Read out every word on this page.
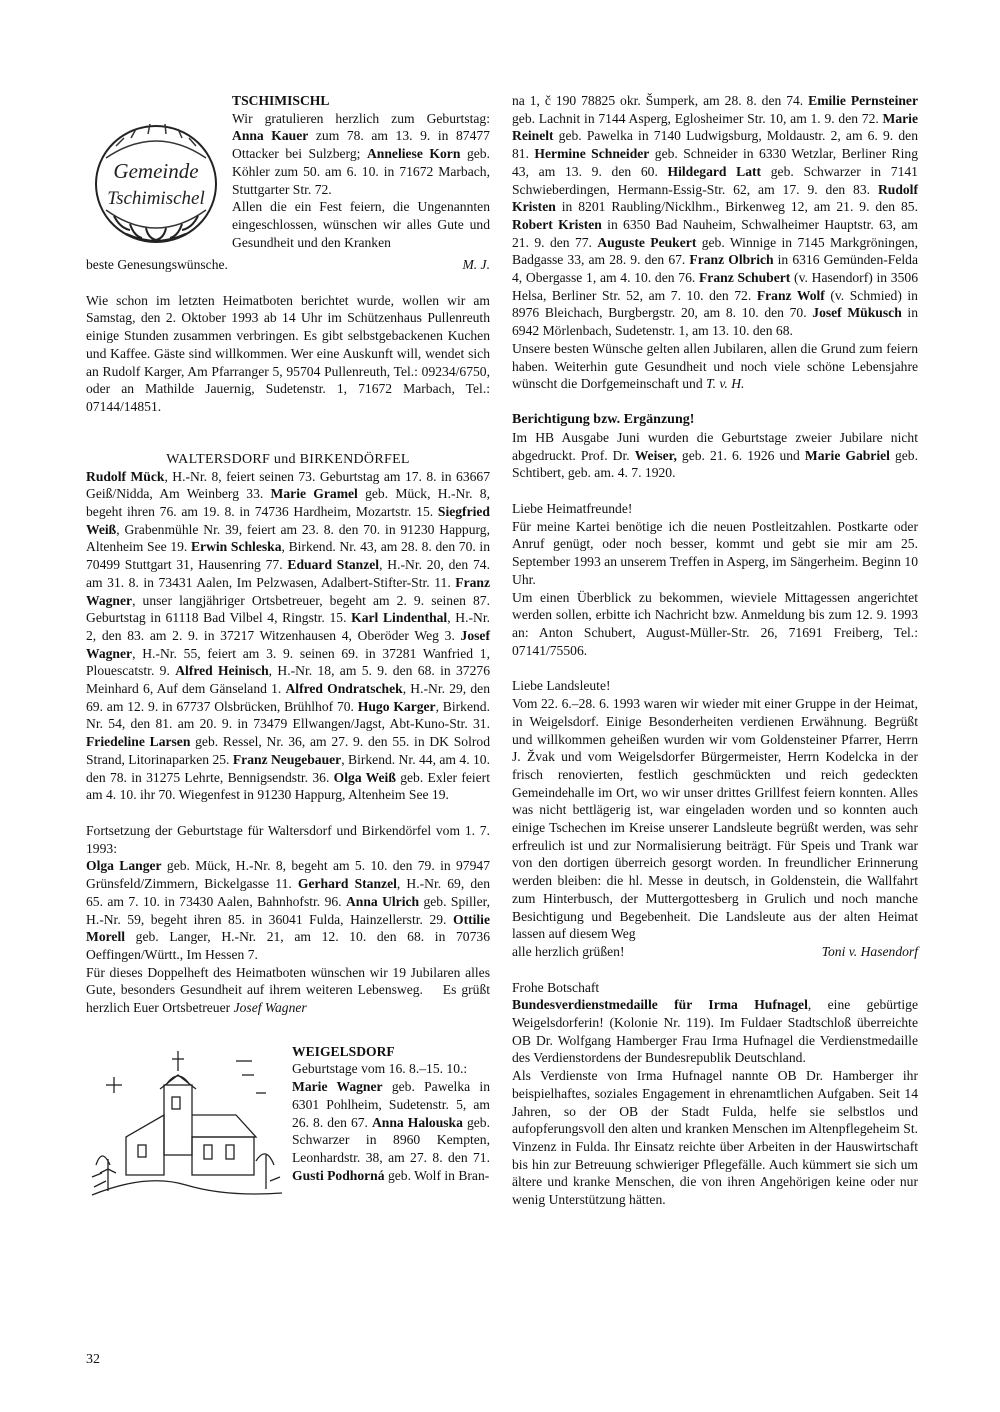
Gemeinde
Tschimischel

TSCHIMISCHL

Wir gratulieren herzlich zum Geburtstag: Anna Kauer zum 78. am 13. 9. in 87477 Ottacker bei Sulzberg; Anneliese Korn geb. Köhler zum 50. am 6. 10. in 71672 Marbach, Stuttgarter Str. 72.

Allen die ein Fest feiern, die Ungenannten eingeschlossen, wünschen wir alles Gute und Gesundheit und den Kranken

beste Genesungswünsche.	M. J.

Wie schon im letzten Heimatboten berichtet wurde, wollen wir am Samstag, den 2. Oktober 1993 ab 14 Uhr im Schützenhaus Pullenreuth einige Stunden zusammen verbringen. Es gibt selbstgebackenen Kuchen und Kaffee. Gäste sind willkommen. Wer eine Auskunft will, wendet sich an Rudolf Karger, Am Pfarranger 5, 95704 Pullenreuth, Tel.: 09234/6750, oder an Mathilde Jauernig, Sudetenstr. 1, 71672 Marbach, Tel.: 07144/14851.

WALTERSDORF und BIRKENDÖRFEL

Rudolf Mück, H.-Nr. 8, feiert seinen 73. Geburtstag am 17. 8. in 63667 Geiß/Nidda, Am Weinberg 33. Marie Gramel geb. Mück, H.-Nr. 8, begeht ihren 76. am 19. 8. in 74736 Hardheim, Mozartstr. 15. Siegfried Weiß, Grabenmühle Nr. 39, feiert am 23. 8. den 70. in 91230 Happurg, Altenheim See 19. Erwin Schleska, Birkend. Nr. 43, am 28. 8. den 70. in 70499 Stuttgart 31, Hausenring 77. Eduard Stanzel, H.-Nr. 20, den 74. am 31. 8. in 73431 Aalen, Im Pelzwasen, Adalbert-Stifter-Str. 11. Franz Wagner, unser langjähriger Ortsbetreuer, begeht am 2. 9. seinen 87. Geburtstag in 61118 Bad Vilbel 4, Ringstr. 15. Karl Lindenthal, H.-Nr. 2, den 83. am 2. 9. in 37217 Witzenhausen 4, Oberöder Weg 3. Josef Wagner, H.-Nr. 55, feiert am 3. 9. seinen 69. in 37281 Wanfried 1, Plouescatstr. 9. Alfred Heinisch, H.-Nr. 18, am 5. 9. den 68. in 37276 Meinhard 6, Auf dem Gänseland 1. Alfred Ondratschek, H.-Nr. 29, den 69. am 12. 9. in 67737 Olsbrücken, Brühlhof 70. Hugo Karger, Birkend. Nr. 54, den 81. am 20. 9. in 73479 Ellwangen/Jagst, Abt-Kuno-Str. 31. Friedeline Larsen geb. Ressel, Nr. 36, am 27. 9. den 55. in DK Solrod Strand, Litorinaparken 25. Franz Neugebauer, Birkend. Nr. 44, am 4. 10. den 78. in 31275 Lehrte, Bennigsendstr. 36. Olga Weiß geb. Exler feiert am 4. 10. ihr 70. Wiegenfest in 91230 Happurg, Altenheim See 19.

Fortsetzung der Geburtstage für Waltersdorf und Birkendörfel vom 1. 7. 1993:

Olga Langer geb. Mück, H.-Nr. 8, begeht am 5. 10. den 79. in 97947 Grünsfeld/Zimmern, Bickelgasse 11. Gerhard Stanzel, H.-Nr. 69, den 65. am 7. 10. in 73430 Aalen, Bahnhofstr. 96. Anna Ulrich geb. Spiller, H.-Nr. 59, begeht ihren 85. in 36041 Fulda, Hainzellerstr. 29. Ottilie Morell geb. Langer, H.-Nr. 21, am 12. 10. den 68. in 70736 Oeffingen/Württ., Im Hessen 7.

Für dieses Doppelheft des Heimatboten wünschen wir 19 Jubilaren alles Gute, besonders Gesundheit auf ihrem weiteren Lebensweg. Es grüßt herzlich Euer Ortsbetreuer Josef Wagner

WEIGELSDORF

Geburtstage vom 16. 8.–15. 10.:

Marie Wagner geb. Pawelka in 6301 Pohlheim, Sudetenstr. 5, am 26. 8. den 67. Anna Halouska geb. Schwarzer in 8960 Kempten, Leonhardstr. 38, am 27. 8. den 71. Gusti Podhorná geb. Wolf in Bran-

na 1, č 190 78825 okr. Šumperk, am 28. 8. den 74. Emilie Pernsteiner geb. Lachnit in 7144 Asperg, Eglosheimer Str. 10, am 1. 9. den 72. Marie Reinelt geb. Pawelka in 7140 Ludwigsburg, Moldaustr. 2, am 6. 9. den 81. Hermine Schneider geb. Schneider in 6330 Wetzlar, Berliner Ring 43, am 13. 9. den 60. Hildegard Latt geb. Schwarzer in 7141 Schwieberdingen, Hermann-Essig-Str. 62, am 17. 9. den 83. Rudolf Kristen in 8201 Raubling/Nicklhm., Birkenweg 12, am 21. 9. den 85. Robert Kristen in 6350 Bad Nauheim, Schwalheimer Hauptstr. 63, am 21. 9. den 77. Auguste Peukert geb. Winnige in 7145 Markgröningen, Badgasse 33, am 28. 9. den 67. Franz Olbrich in 6316 Gemünden-Felda 4, Obergasse 1, am 4. 10. den 76. Franz Schubert (v. Hasendorf) in 3506 Helsa, Berliner Str. 52, am 7. 10. den 72. Franz Wolf (v. Schmied) in 8976 Bleichach, Burgbergstr. 20, am 8. 10. den 70. Josef Mükusch in 6942 Mörlenbach, Sudetenstr. 1, am 13. 10. den 68.

Unsere besten Wünsche gelten allen Jubilaren, allen die Grund zum feiern haben. Weiterhin gute Gesundheit und noch viele schöne Lebensjahre wünscht die Dorfgemeinschaft und T. v. H.

Berichtigung bzw. Ergänzung!

Im HB Ausgabe Juni wurden die Geburtstage zweier Jubilare nicht abgedruckt. Prof. Dr. Weiser, geb. 21. 6. 1926 und Marie Gabriel geb. Schtibert, geb. am. 4. 7. 1920.

Liebe Heimatfreunde!

Für meine Kartei benötige ich die neuen Postleitzahlen. Postkarte oder Anruf genügt, oder noch besser, kommt und gebt sie mir am 25. September 1993 an unserem Treffen in Asperg, im Sängerheim. Beginn 10 Uhr.

Um einen Überblick zu bekommen, wieviele Mittagessen angerichtet werden sollen, erbitte ich Nachricht bzw. Anmeldung bis zum 12. 9. 1993 an: Anton Schubert, August-Müller-Str. 26, 71691 Freiberg, Tel.: 07141/75506.

Liebe Landsleute!

Vom 22. 6.–28. 6. 1993 waren wir wieder mit einer Gruppe in der Heimat, in Weigelsdorf. Einige Besonderheiten verdienen Erwähnung. Begrüßt und willkommen geheißen wurden wir vom Goldensteiner Pfarrer, Herrn J. Žvak und vom Weigelsdorfer Bürgermeister, Herrn Kodelcka in der frisch renovierten, festlich geschmückten und reich gedeckten Gemeindehalle im Ort, wo wir unser drittes Grillfest feiern konnten. Alles was nicht bettlägerig ist, war eingeladen worden und so konnten auch einige Tschechen im Kreise unserer Landsleute begrüßt werden, was sehr erfreulich ist und zur Normalisierung beiträgt. Für Speis und Trank war von den dortigen überreich gesorgt worden. In freundlicher Erinnerung werden bleiben: die hl. Messe in deutsch, in Goldenstein, die Wallfahrt zum Hinterbusch, der Muttergottesberg in Grulich und noch manche Besichtigung und Begebenheit. Die Landsleute aus der alten Heimat lassen auf diesem Weg

alle herzlich grüßen!	Toni v. Hasendorf

Frohe Botschaft

Bundesverdienstmedaille für Irma Hufnagel, eine gebürtige Weigelsdorferin! (Kolonie Nr. 119). Im Fuldaer Stadtschloß überreichte OB Dr. Wolfgang Hamberger Frau Irma Hufnagel die Verdienstmedaille des Verdienstordens der Bundesrepublik Deutschland.

Als Verdienste von Irma Hufnagel nannte OB Dr. Hamberger ihr beispielhaftes, soziales Engagement in ehrenamtlichen Aufgaben. Seit 14 Jahren, so der OB der Stadt Fulda, helfe sie selbstlos und aufopferungsvoll den alten und kranken Menschen im Altenpflegeheim St. Vinzenz in Fulda. Ihr Einsatz reichte über Arbeiten in der Hauswirtschaft bis hin zur Betreuung schwieriger Pflegefälle. Auch kümmert sie sich um ältere und kranke Menschen, die von ihren Angehörigen keine oder nur wenig Unterstützung hätten.

32
